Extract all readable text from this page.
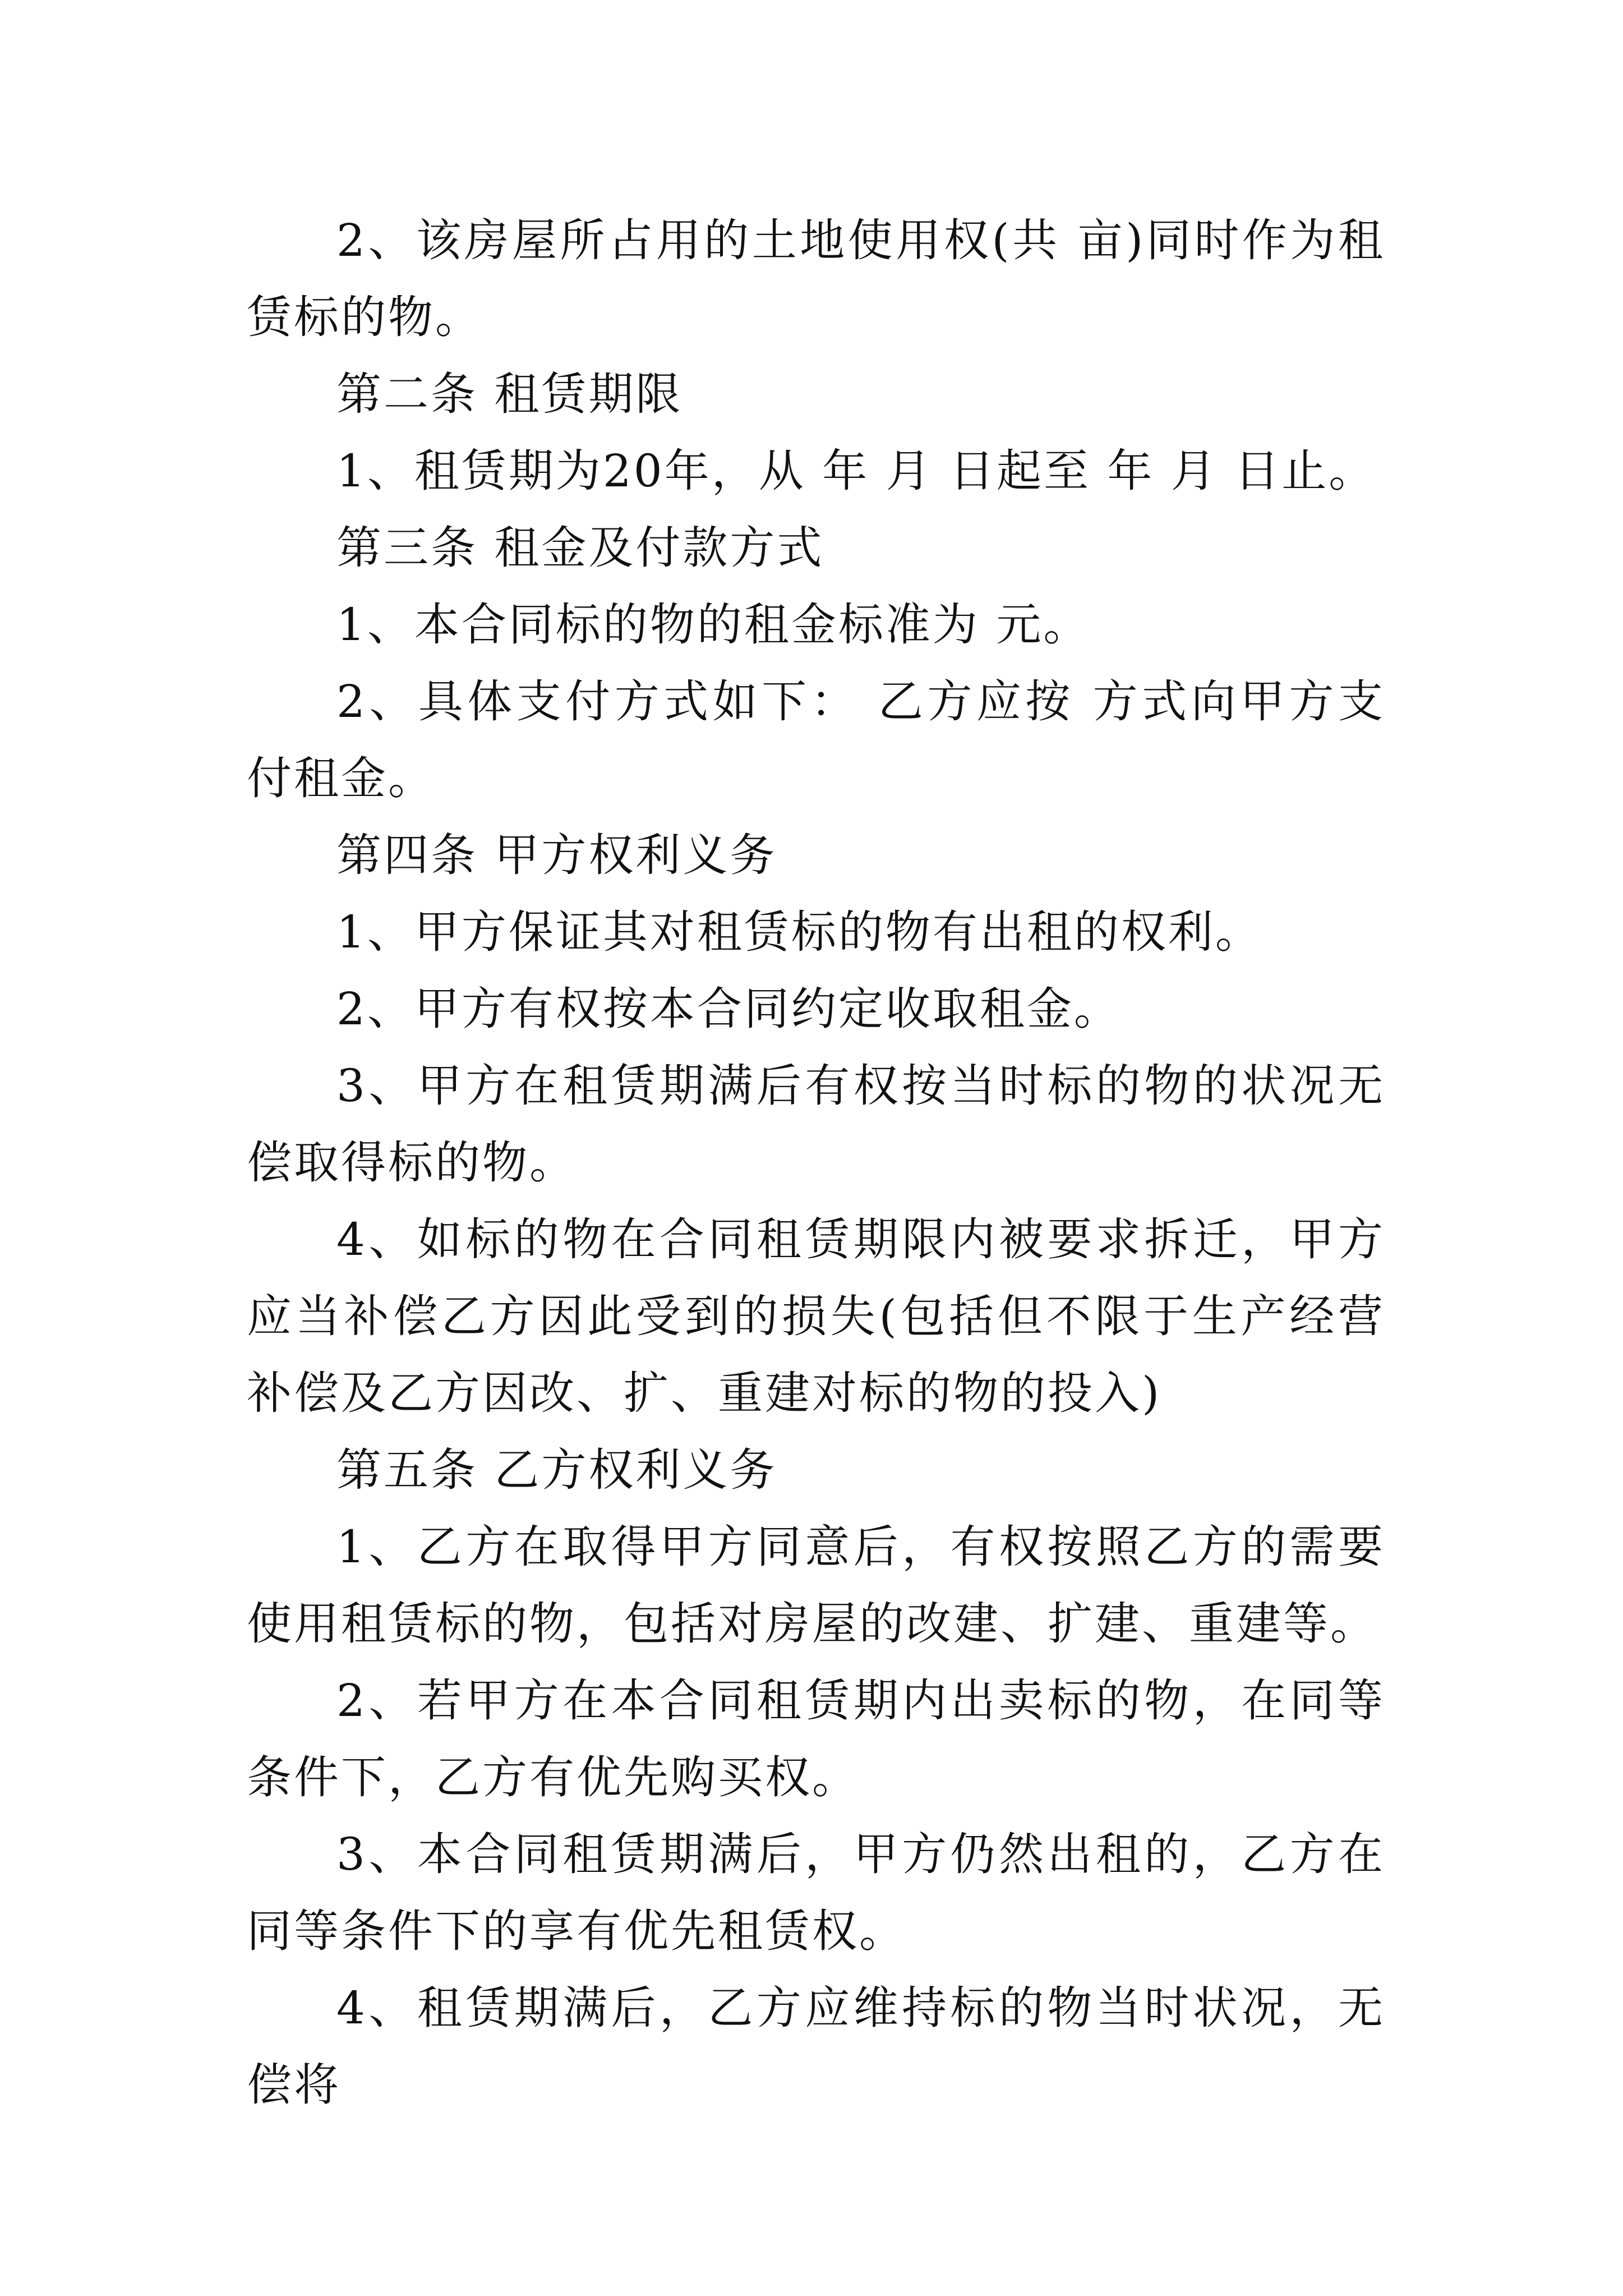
2、该房屋所占用的土地使用权(共 亩)同时作为租赁标的物。

第二条 租赁期限

1、租赁期为20年，从 年 月 日起至 年 月 日止。

第三条 租金及付款方式

1、本合同标的物的租金标准为 元。

2、具体支付方式如下： 乙方应按 方式向甲方支付租金。

第四条 甲方权利义务

1、甲方保证其对租赁标的物有出租的权利。

2、甲方有权按本合同约定收取租金。

3、甲方在租赁期满后有权按当时标的物的状况无偿取得标的物。

4、如标的物在合同租赁期限内被要求拆迁，甲方应当补偿乙方因此受到的损失(包括但不限于生产经营补偿及乙方因改、扩、重建对标的物的投入)

第五条 乙方权利义务

1、乙方在取得甲方同意后，有权按照乙方的需要使用租赁标的物，包括对房屋的改建、扩建、重建等。

2、若甲方在本合同租赁期内出卖标的物，在同等条件下，乙方有优先购买权。

3、本合同租赁期满后，甲方仍然出租的，乙方在同等条件下的享有优先租赁权。

4、租赁期满后，乙方应维持标的物当时状况，无偿将
